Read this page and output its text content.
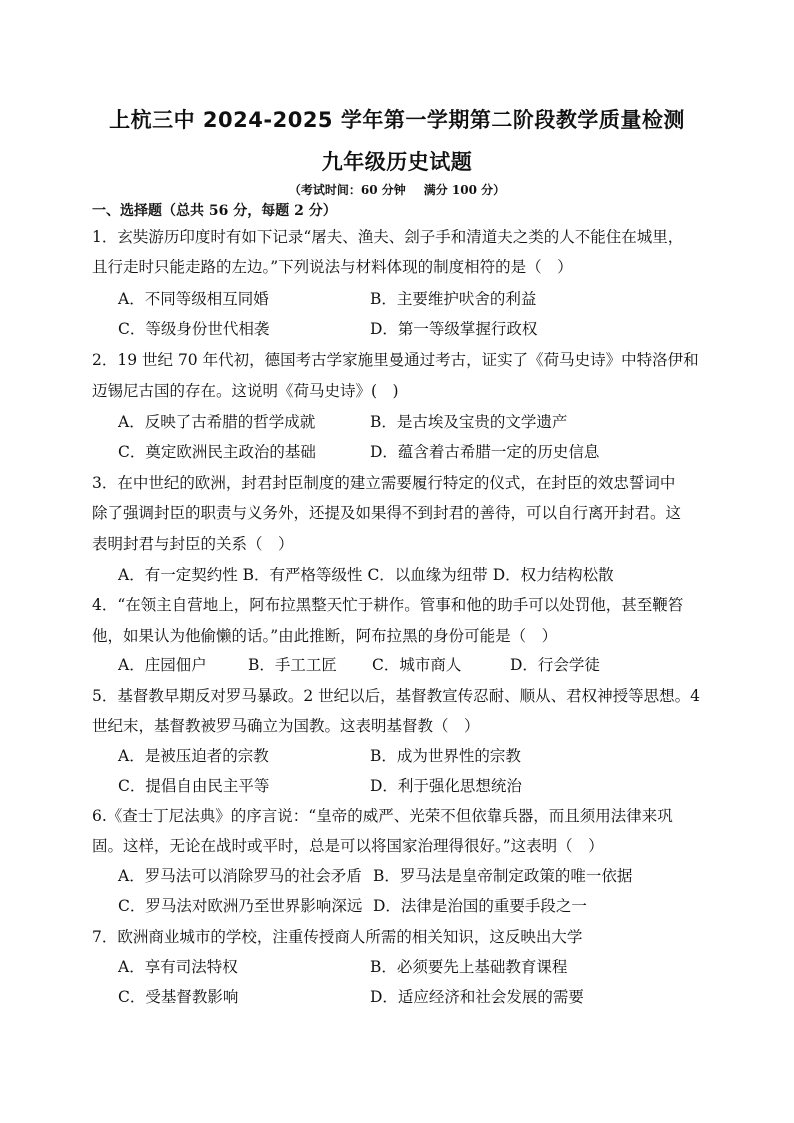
上杭三中 2024-2025 学年第一学期第二阶段教学质量检测
九年级历史试题
（考试时间：60 分钟 满分 100 分）
一、选择题（总共 56 分，每题 2 分）
1．玄奘游历印度时有如下记录“屠夫、渔夫、刽子手和清道夫之类的人不能住在城里，
且行走时只能走路的左边。”下列说法与材料体现的制度相符的是（　）
A．不同等级相互同婚	B．主要维护吠舍的利益
C．等级身份世代相袭	D．第一等级掌握行政权
2．19 世纪 70 年代初，德国考古学家施里曼通过考古，证实了《荷马史诗》中特洛伊和
迈锡尼古国的存在。这说明《荷马史诗》(　)
A．反映了古希腊的哲学成就	B．是古埃及宝贵的文学遗产
C．奠定欧洲民主政治的基础	D．蕴含着古希腊一定的历史信息
3．在中世纪的欧洲，封君封臣制度的建立需要履行特定的仪式，在封臣的效忠誓词中
除了强调封臣的职责与义务外，还提及如果得不到封君的善待，可以自行离开封君。这
表明封君与封臣的关系（　）
A．有一定契约性 B．有严格等级性 C．以血缘为纽带 D．权力结构松散
4．“在领主自营地上，阿布拉黑整天忙于耕作。管事和他的助手可以处罚他，甚至鞭笞
他，如果认为他偷懒的话。”由此推断，阿布拉黑的身份可能是（　）
A．庄园佃户	B．手工工匠 C．城市商人	D．行会学徒
5．基督教早期反对罗马暴政。2 世纪以后，基督教宣传忍耐、顺从、君权神授等思想。4
世纪末，基督教被罗马确立为国教。这表明基督教（　）
A．是被压迫者的宗教	B．成为世界性的宗教
C．提倡自由民主平等	D．利于强化思想统治
6.《查士丁尼法典》的序言说：“皇帝的威严、光荣不但依靠兵器，而且须用法律来巩
固。这样，无论在战时或平时，总是可以将国家治理得很好。”这表明（　）
A．罗马法可以消除罗马的社会矛盾 B．罗马法是皇帝制定政策的唯一依据
C．罗马法对欧洲乃至世界影响深远 D．法律是治国的重要手段之一
7．欧洲商业城市的学校，注重传授商人所需的相关知识，这反映出大学
A．享有司法特权	B．必须要先上基础教育课程
C．受基督教影响	D．适应经济和社会发展的需要
